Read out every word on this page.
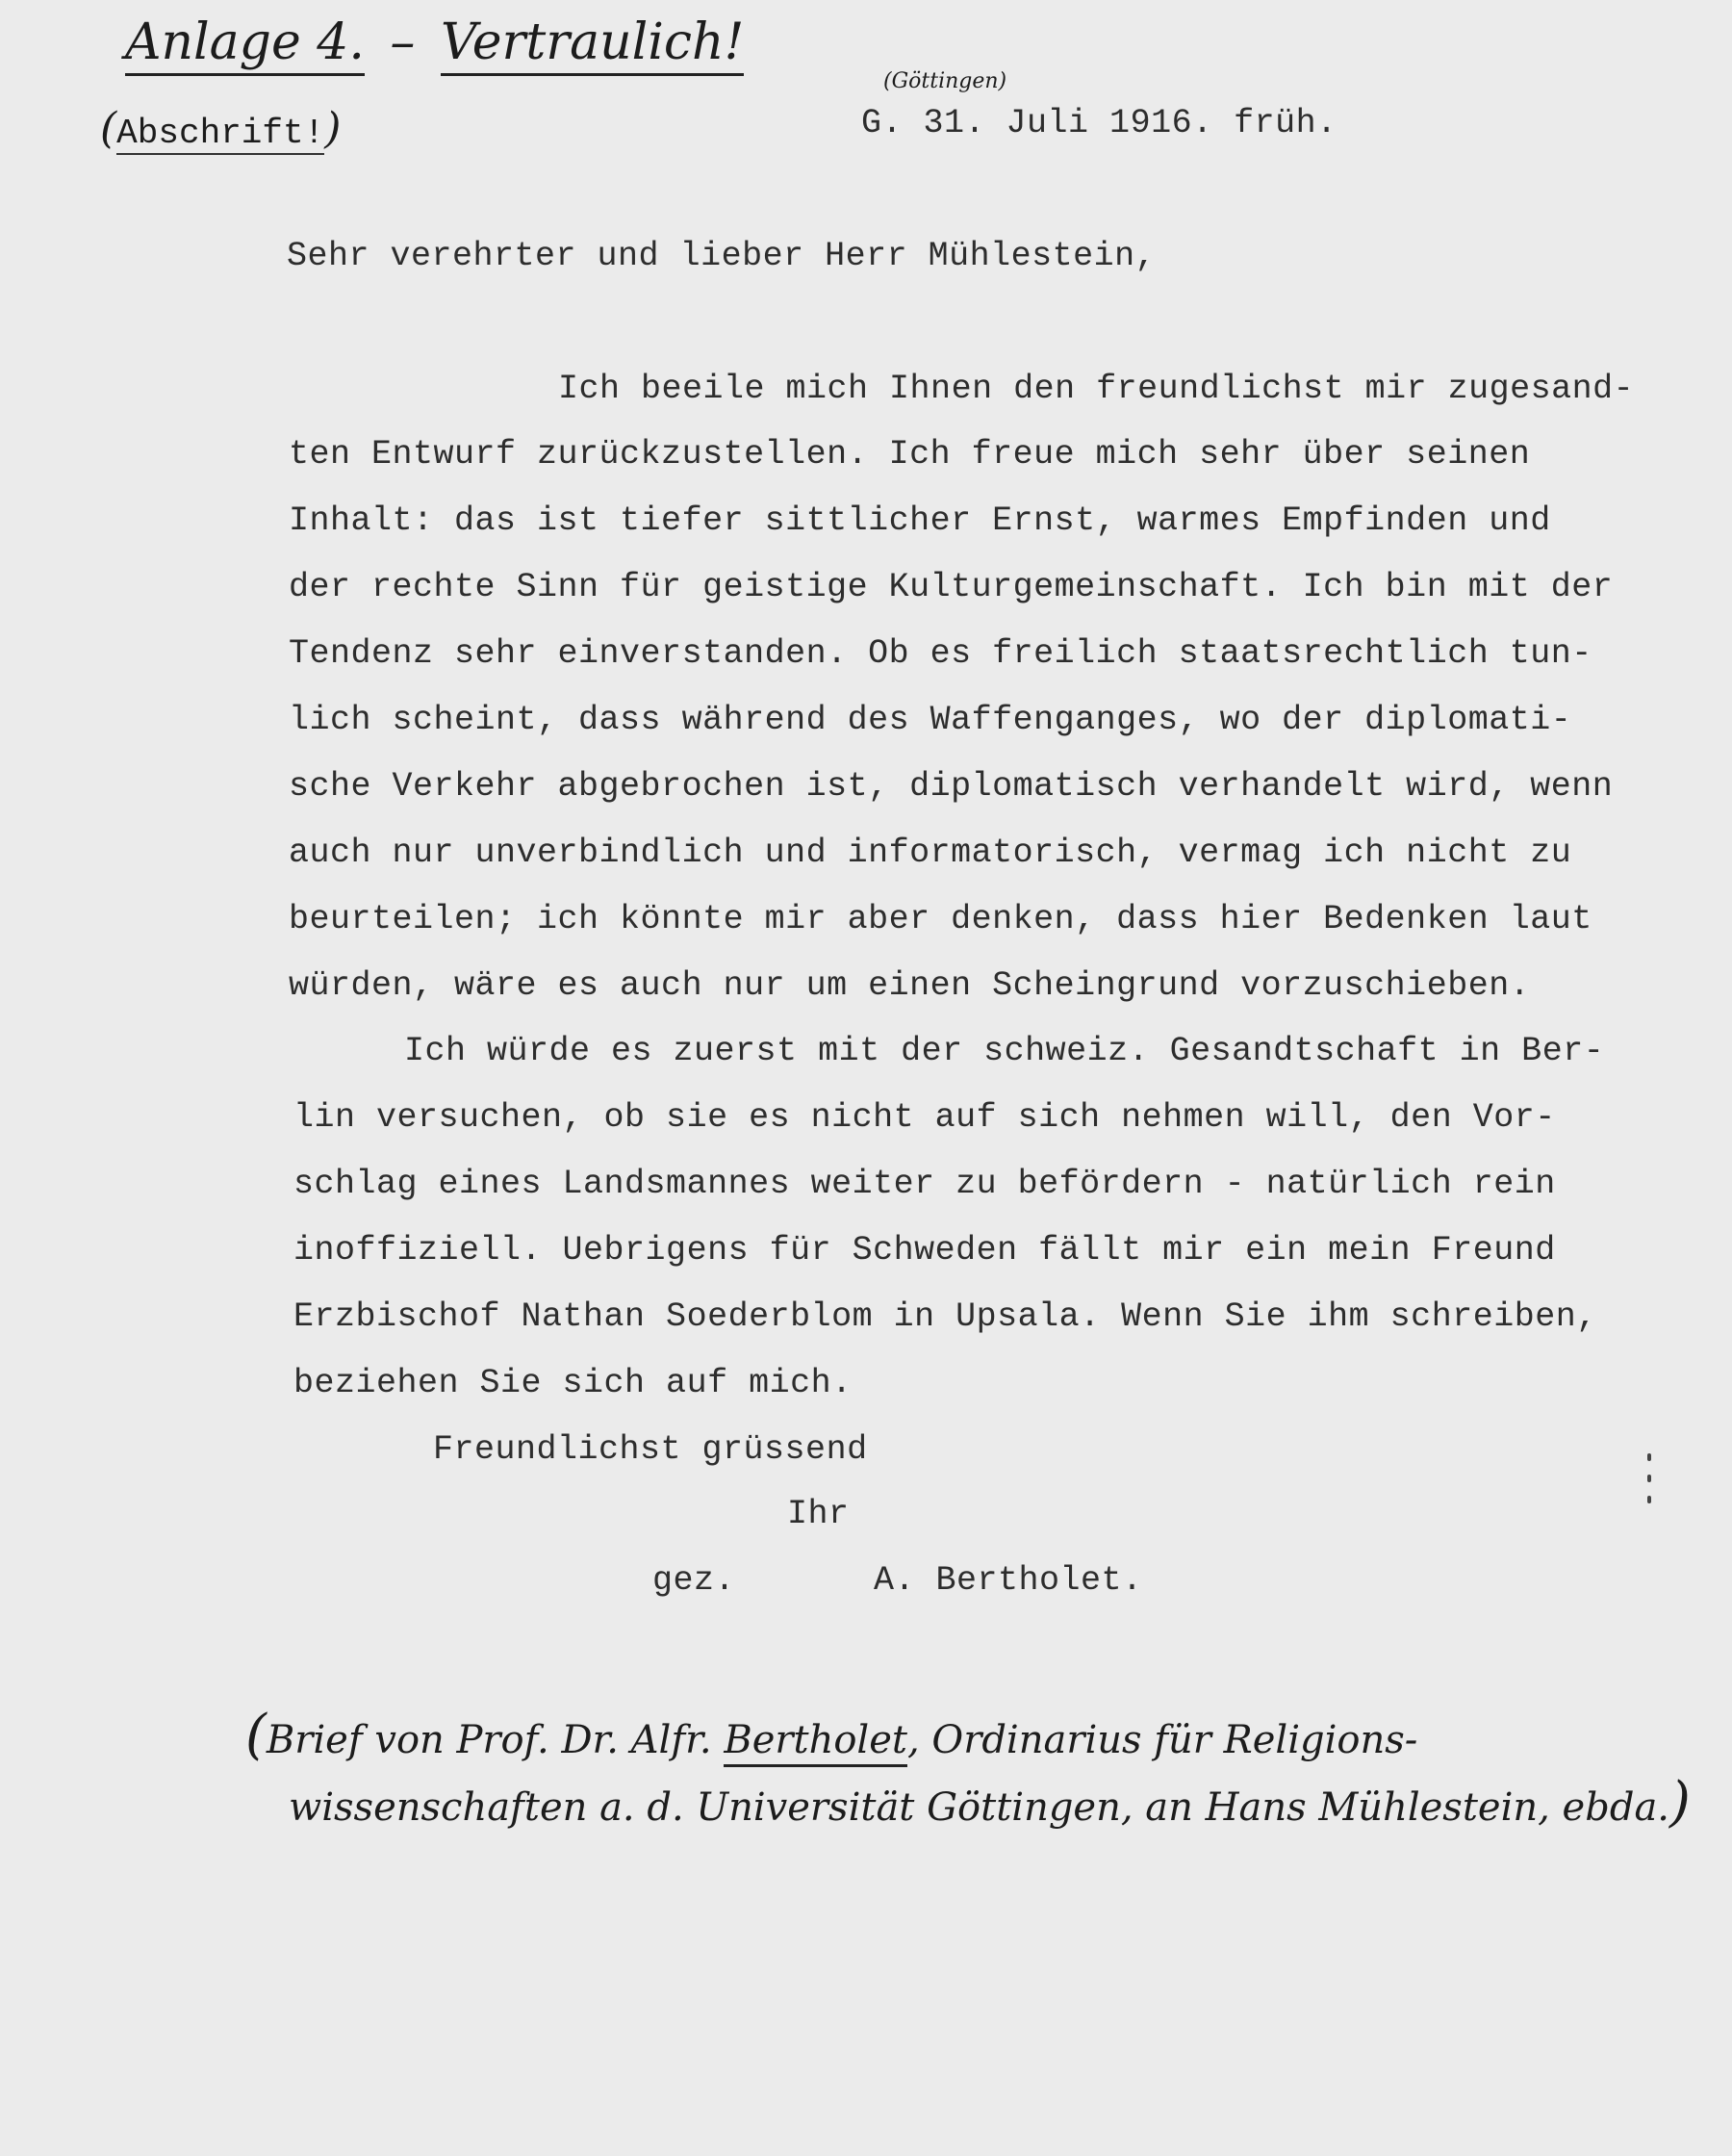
Anlage 4. – Vertraulich!
(Abschrift!)
(Göttingen)
G. 31. Juli 1916. früh.
Sehr verehrter und lieber Herr Mühlestein,
Ich beeile mich Ihnen den freundlichst mir zugesand-
ten Entwurf zurückzustellen. Ich freue mich sehr über seinen
Inhalt: das ist tiefer sittlicher Ernst, warmes Empfinden und
der rechte Sinn für geistige Kulturgemeinschaft. Ich bin mit der
Tendenz sehr einverstanden. Ob es freilich staatsrechtlich tun-
lich scheint, dass während des Waffenganges, wo der diplomati-
sche Verkehr abgebrochen ist, diplomatisch verhandelt wird, wenn
auch nur unverbindlich und informatorisch, vermag ich nicht zu
beurteilen; ich könnte mir aber denken, dass hier Bedenken laut
würden, wäre es auch nur um einen Scheingrund vorzuschieben.
Ich würde es zuerst mit der schweiz. Gesandtschaft in Ber-
lin versuchen, ob sie es nicht auf sich nehmen will, den Vor-
schlag eines Landsmannes weiter zu befördern - natürlich rein
inoffiziell. Uebrigens für Schweden fällt mir ein mein Freund
Erzbischof Nathan Soederblom in Upsala. Wenn Sie ihm schreiben,
beziehen Sie sich auf mich.
Freundlichst grüssend
Ihr
gez.	A. Bertholet.
(Brief von Prof. Dr. Alfr. Bertholet, Ordinarius für Religions-
wissenschaften a. d. Universität Göttingen, an Hans Mühlestein, ebda.)
